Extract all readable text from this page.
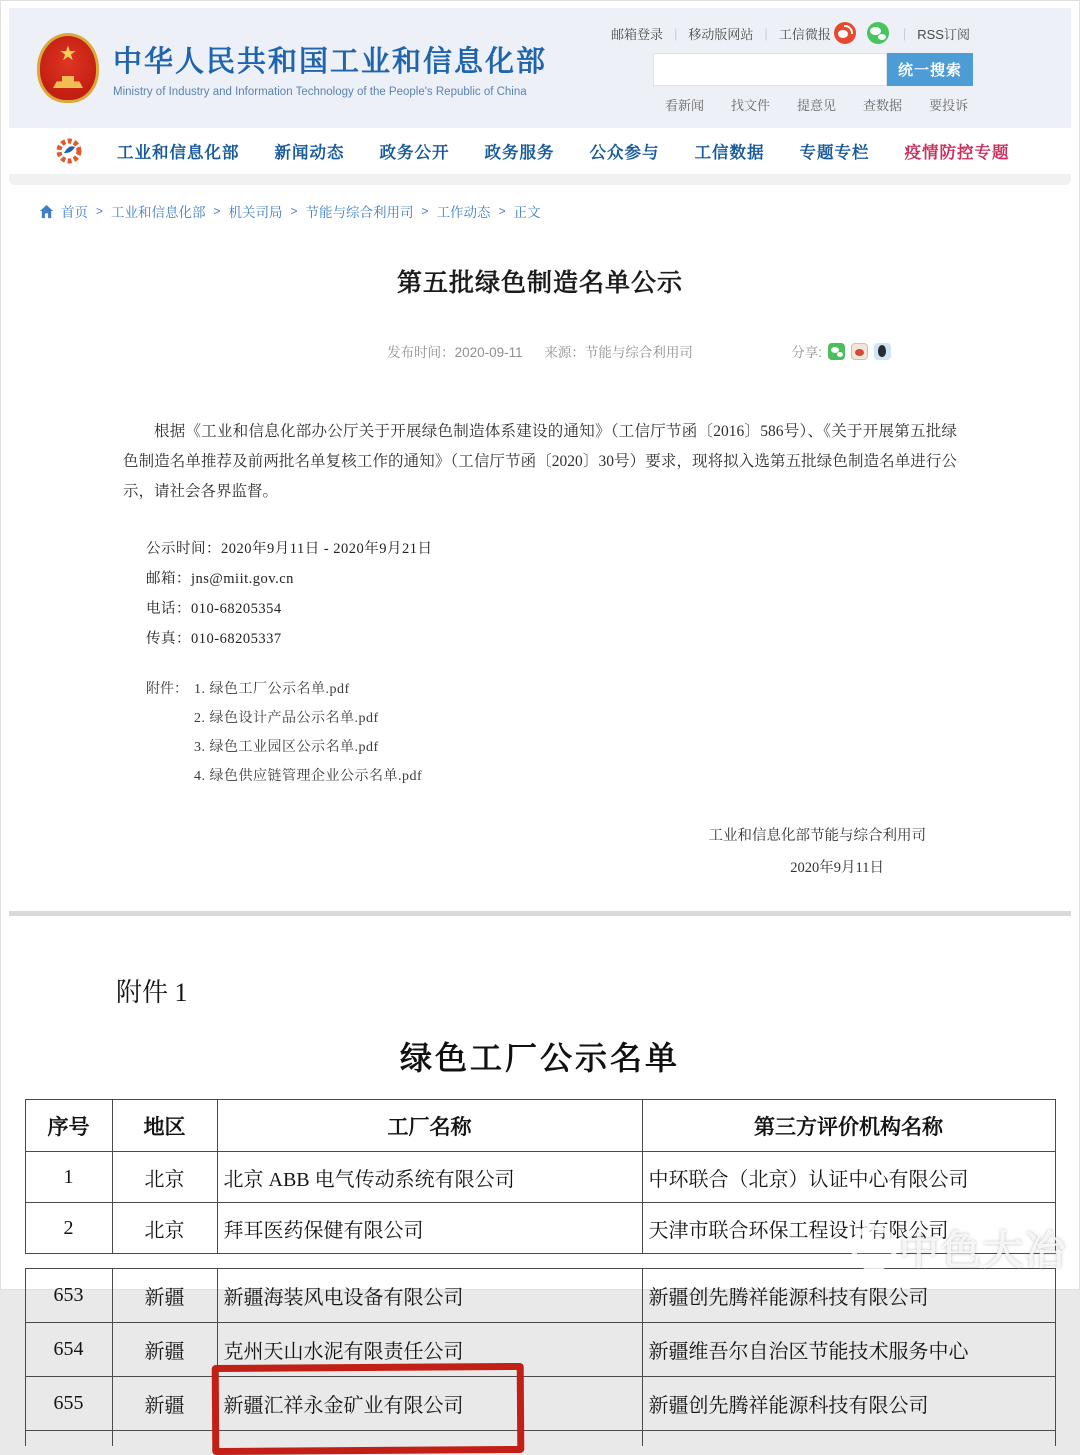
★ 中华人民共和国工业和信息化部
Ministry of Industry and Information Technology of the People's Republic of China
邮箱登录 | 移动版网站 | 工信微报	| RSS订阅
统一搜索
看新闻 找文件 提意见 查数据 要投诉
工业和信息化部 新闻动态 政务公开 政务服务 公众参与 工信数据 专题专栏 疫情防控专题
首页 > 工业和信息化部 > 机关司局 > 节能与综合利用司 > 工作动态 > 正文
第五批绿色制造名单公示
发布时间：2020-09-11 来源：节能与综合利用司	分享:

根据《工业和信息化部办公厅关于开展绿色制造体系建设的通知》（工信厅节函〔2016〕586号）、《关于开展第五批绿色制造名单推荐及前两批名单复核工作的通知》（工信厅节函〔2020〕30号）要求，现将拟入选第五批绿色制造名单进行公示，请社会各界监督。

公示时间：2020年9月11日 - 2020年9月21日

邮箱：jns@miit.gov.cn

电话：010-68205354

传真：010-68205337

附件： 1. 绿色工厂公示名单.pdf
2. 绿色设计产品公示名单.pdf
3. 绿色工业园区公示名单.pdf
4. 绿色供应链管理企业公示名单.pdf
工业和信息化部节能与综合利用司
2020年9月11日
附件 1
绿色工厂公示名单
序号	地区	工厂名称	第三方评价机构名称
1	北京	北京 ABB 电气传动系统有限公司	中环联合（北京）认证中心有限公司
2	北京	拜耳医药保健有限公司	天津市联合环保工程设计有限公司
653	新疆	新疆海装风电设备有限公司	新疆创先腾祥能源科技有限公司
654	新疆	克州天山水泥有限责任公司	新疆维吾尔自治区节能技术服务中心
655	新疆	新疆汇祥永金矿业有限公司	新疆创先腾祥能源科技有限公司

中色大冶
